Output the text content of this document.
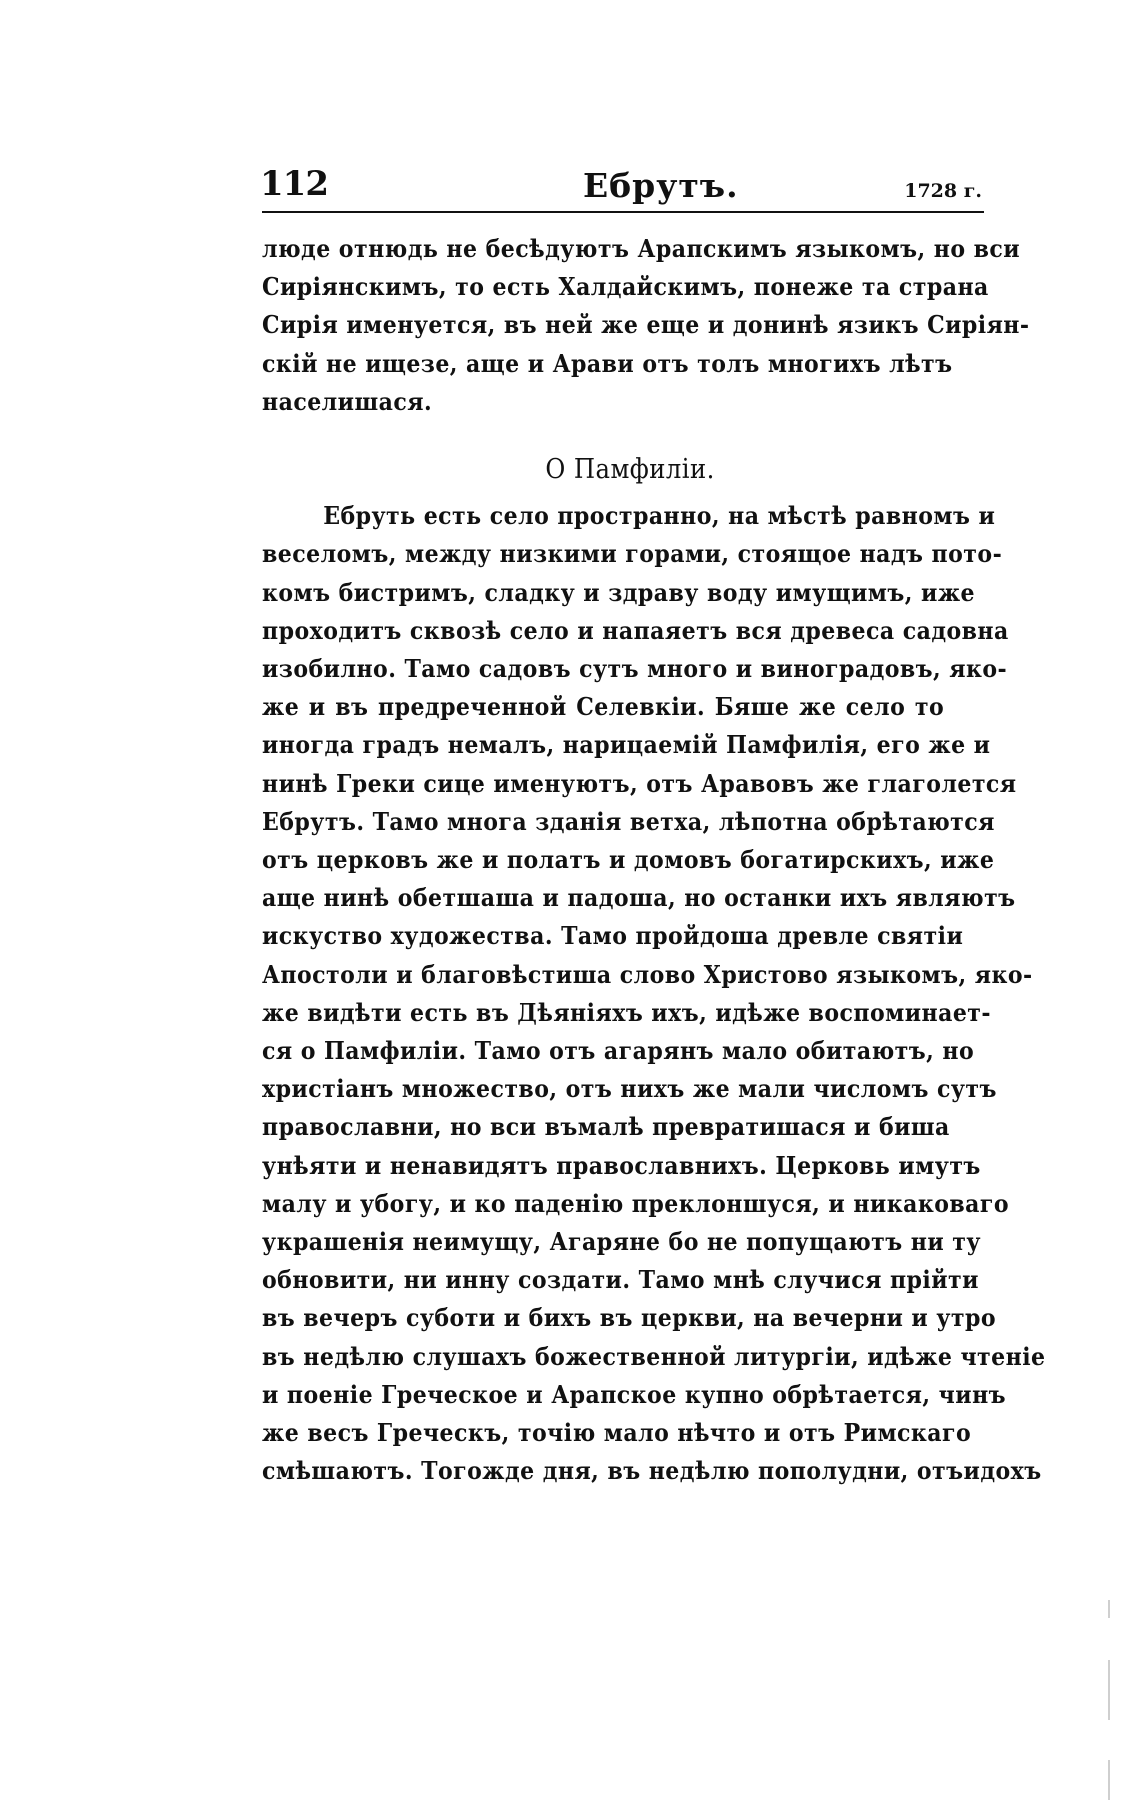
112	Ебрутъ.	1728 г.
люде отнюдь не бесѣдуютъ Арапскимъ языкомъ, но вси
Сиріянскимъ, то есть Халдайскимъ, понеже та страна
Сирія именуется, въ ней же еще и донинѣ язикъ Сиріян-
скій не ищезе, аще и Арави отъ толъ многихъ лѣтъ
населишася.
О Памфиліи.
Ебруть есть село пространно, на мѣстѣ равномъ и
веселомъ, между низкими горами, стоящое надъ пото-
комъ бистримъ, сладку и здраву воду имущимъ, иже
проходитъ сквозѣ село и напаяетъ вся древеса садовна
изобилно. Тамо садовъ сутъ много и виноградовъ, яко-
же и въ предреченной Селевкіи. Бяше же село то
иногда градъ немалъ, нарицаемій Памфилія, его же и
нинѣ Греки сице именуютъ, отъ Аравовъ же глаголется
Ебрутъ. Тамо многа зданія ветха, лѣпотна обрѣтаются
отъ церковъ же и полатъ и домовъ богатирскихъ, иже
аще нинѣ обетшаша и падоша, но останки ихъ являютъ
искуство художества. Тамо пройдоша древле святіи
Апостоли и благовѣстиша слово Христово языкомъ, яко-
же видѣти есть въ Дѣяніяхъ ихъ, идѣже воспоминает-
ся о Памфиліи. Тамо отъ агарянъ мало обитаютъ, но
христіанъ множество, отъ нихъ же мали числомъ сутъ
православни, но вси въмалѣ превратишася и биша
унѣяти и ненавидятъ православнихъ. Церковь имутъ
малу и убогу, и ко паденію преклоншуся, и никаковаго
украшенія неимущу, Агаряне бо не попущаютъ ни ту
обновити, ни инну создати. Тамо мнѣ случися прійти
въ вечеръ суботи и бихъ въ церкви, на вечерни и утро
въ недѣлю слушахъ божественной литургіи, идѣже чтеніе
и поеніе Греческое и Арапское купно обрѣтается, чинъ
же весъ Греческъ, точію мало нѣчто и отъ Римскаго
смѣшаютъ. Тогожде дня, въ недѣлю пополудни, отъидохъ
